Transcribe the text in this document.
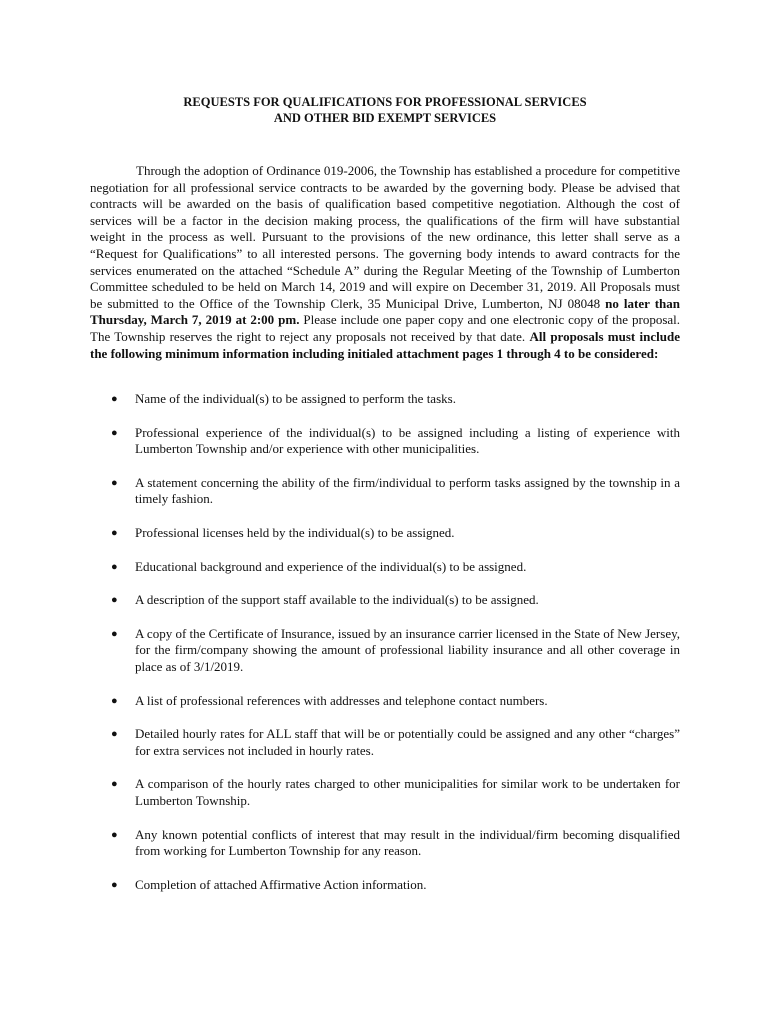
REQUESTS FOR QUALIFICATIONS FOR PROFESSIONAL SERVICES
AND OTHER BID EXEMPT SERVICES

Through the adoption of Ordinance 019-2006, the Township has established a procedure for competitive negotiation for all professional service contracts to be awarded by the governing body. Please be advised that contracts will be awarded on the basis of qualification based competitive negotiation. Although the cost of services will be a factor in the decision making process, the qualifications of the firm will have substantial weight in the process as well. Pursuant to the provisions of the new ordinance, this letter shall serve as a “Request for Qualifications” to all interested persons. The governing body intends to award contracts for the services enumerated on the attached “Schedule A” during the Regular Meeting of the Township of Lumberton Committee scheduled to be held on March 14, 2019 and will expire on December 31, 2019. All Proposals must be submitted to the Office of the Township Clerk, 35 Municipal Drive, Lumberton, NJ 08048 no later than Thursday, March 7, 2019 at 2:00 pm. Please include one paper copy and one electronic copy of the proposal. The Township reserves the right to reject any proposals not received by that date. All proposals must include the following minimum information including initialed attachment pages 1 through 4 to be considered:

● Name of the individual(s) to be assigned to perform the tasks.
● Professional experience of the individual(s) to be assigned including a listing of experience with Lumberton Township and/or experience with other municipalities.
● A statement concerning the ability of the firm/individual to perform tasks assigned by the township in a timely fashion.
● Professional licenses held by the individual(s) to be assigned.
● Educational background and experience of the individual(s) to be assigned.
● A description of the support staff available to the individual(s) to be assigned.
● A copy of the Certificate of Insurance, issued by an insurance carrier licensed in the State of New Jersey, for the firm/company showing the amount of professional liability insurance and all other coverage in place as of 3/1/2019.
● A list of professional references with addresses and telephone contact numbers.
● Detailed hourly rates for ALL staff that will be or potentially could be assigned and any other “charges” for extra services not included in hourly rates.
● A comparison of the hourly rates charged to other municipalities for similar work to be undertaken for Lumberton Township.
● Any known potential conflicts of interest that may result in the individual/firm becoming disqualified from working for Lumberton Township for any reason.
● Completion of attached Affirmative Action information.
